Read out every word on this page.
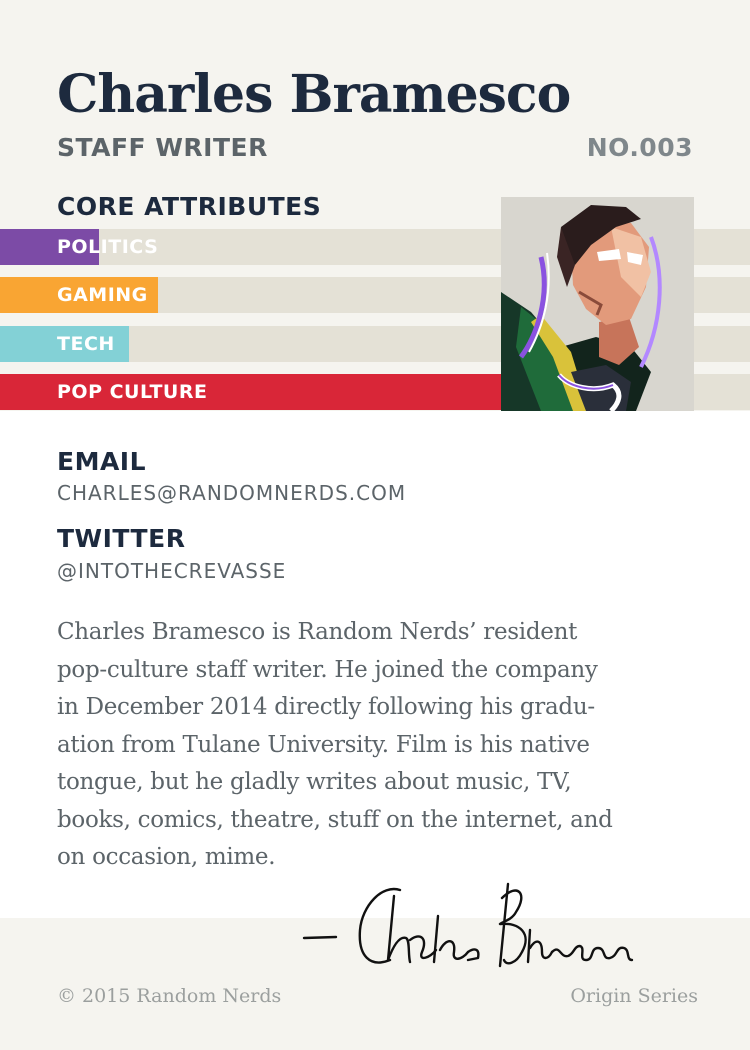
Charles Bramesco
STAFF WRITER	NO.003
CORE ATTRIBUTES
POLITICS
GAMING
TECH
POP CULTURE
EMAIL
CHARLES@RANDOMNERDS.COM
TWITTER
@INTOTHECREVASSE
Charles Bramesco is Random Nerds’ resident
pop-culture staff writer. He joined the company
in December 2014 directly following his gradu-
ation from Tulane University. Film is his native
tongue, but he gladly writes about music, TV,
books, comics, theatre, stuff on the internet, and
on occasion, mime.
© 2015 Random Nerds	Origin Series
